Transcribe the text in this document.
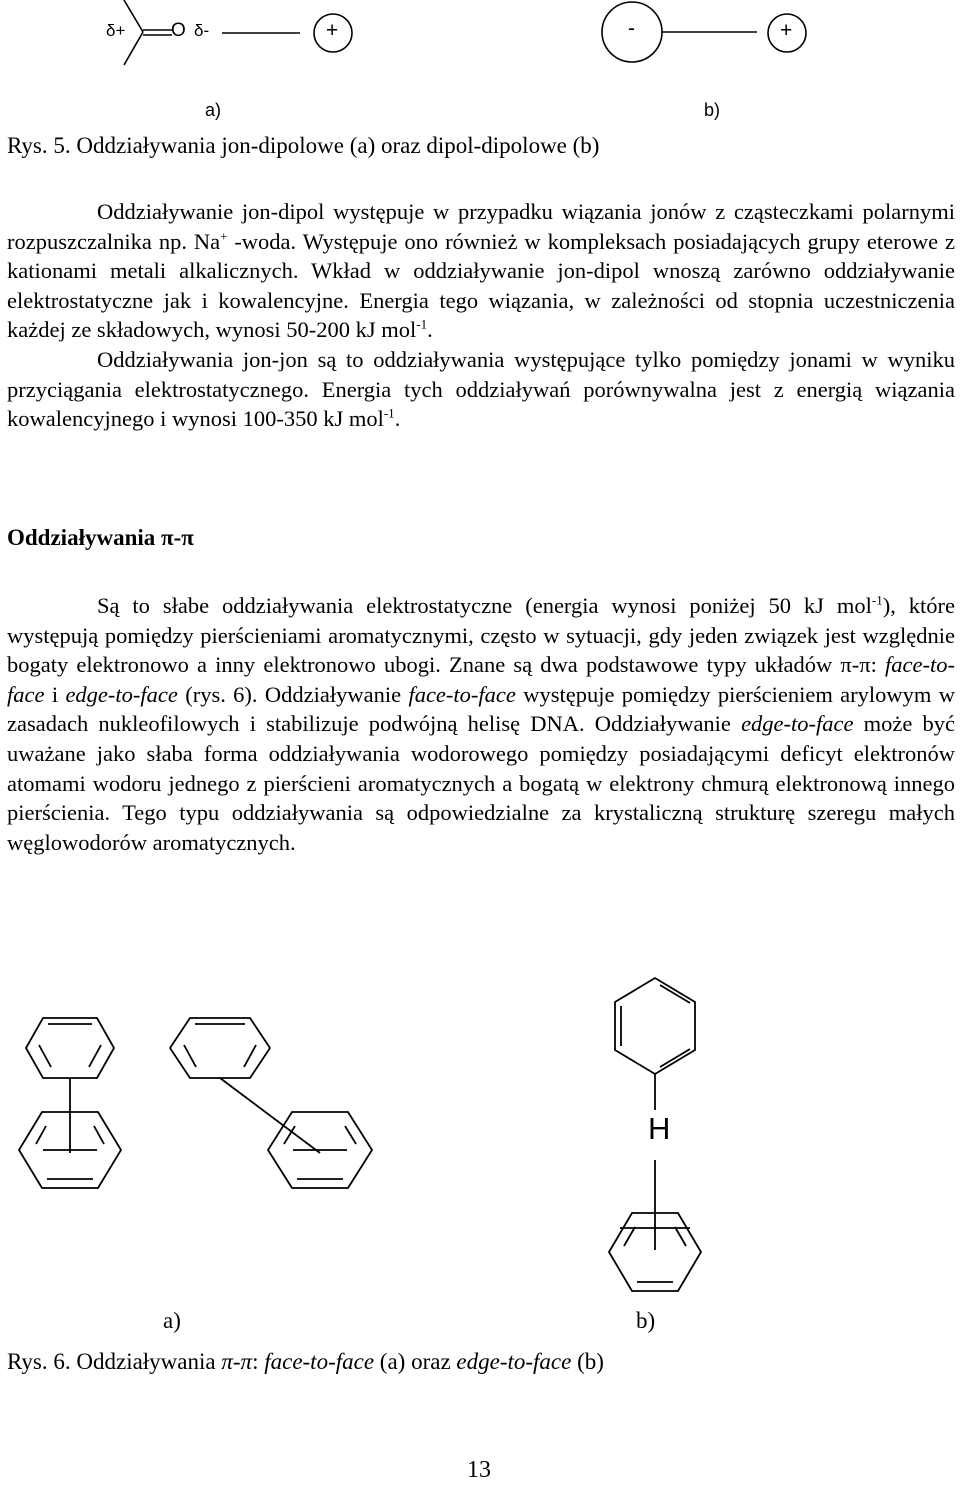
δ+ O δ-	+	-	+
a)	b)
Rys. 5. Oddziaływania jon-dipolowe (a) oraz dipol-dipolowe (b)

Oddziaływanie jon-dipol występuje w przypadku wiązania jonów z cząsteczkami polarnymi rozpuszczalnika np. Na+ -woda. Występuje ono również w kompleksach posiadających grupy eterowe z kationami metali alkalicznych. Wkład w oddziaływanie jon-dipol wnoszą zarówno oddziaływanie elektrostatyczne jak i kowalencyjne. Energia tego wiązania, w zależności od stopnia uczestniczenia każdej ze składowych, wynosi 50-200 kJ mol$^{-1}$.

Oddziaływania jon-jon są to oddziaływania występujące tylko pomiędzy jonami w wyniku przyciągania elektrostatycznego. Energia tych oddziaływań porównywalna jest z energią wiązania kowalencyjnego i wynosi 100-350 kJ mol$^{-1}$.

Oddziaływania π-π

Są to słabe oddziaływania elektrostatyczne (energia wynosi poniżej 50 kJ mol$^{-1}$), które występują pomiędzy pierścieniami aromatycznymi, często w sytuacji, gdy jeden związek jest względnie bogaty elektronowo a inny elektronowo ubogi. Znane są dwa podstawowe typy układów π-π: face-to-face i edge-to-face (rys. 6). Oddziaływanie face-to-face występuje pomiędzy pierścieniem arylowym w zasadach nukleofilowych i stabilizuje podwójną helisę DNA. Oddziaływanie edge-to-face może być uważane jako słaba forma oddziaływania wodorowego pomiędzy posiadającymi deficyt elektronów atomami wodoru jednego z pierścieni aromatycznych a bogatą w elektrony chmurą elektronową innego pierścienia. Tego typu oddziaływania są odpowiedzialne za krystaliczną strukturę szeregu małych węglowodorów aromatycznych.

H
a)	b)
Rys. 6. Oddziaływania π-π: face-to-face (a) oraz edge-to-face (b)
13
